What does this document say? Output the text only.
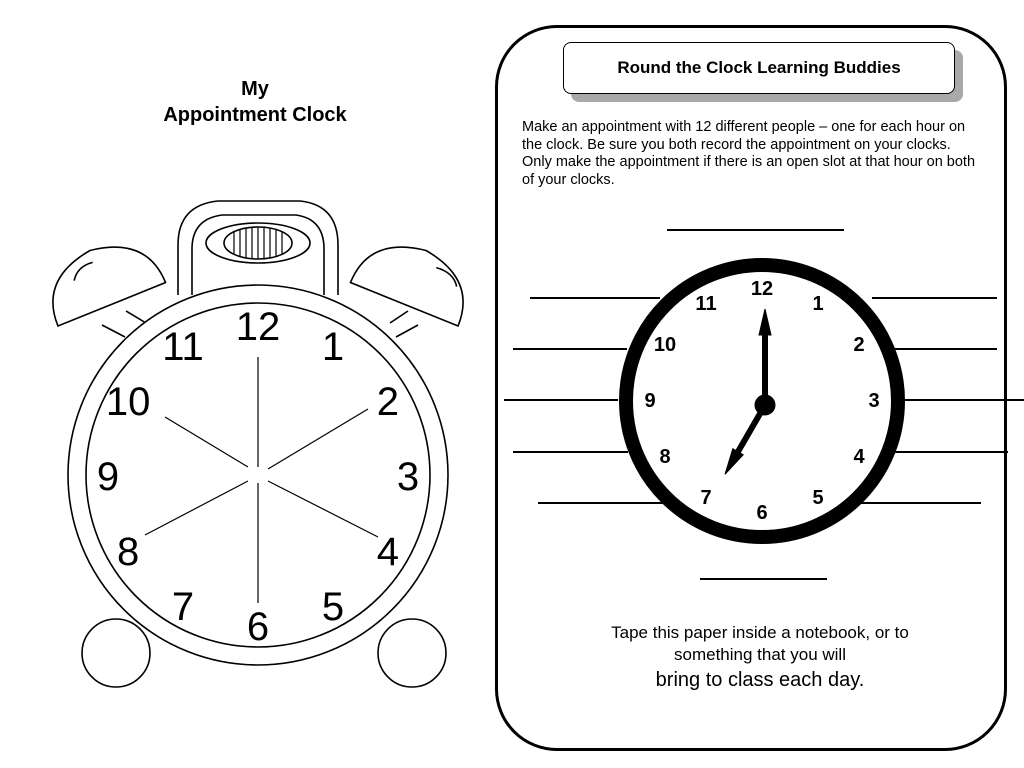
My
Appointment Clock
12 1
2
3
4
5
6
7
8
9
10
11
Round the Clock Learning Buddies

Make an appointment with 12 different people – one for each hour on the clock. Be sure you both record the appointment on your clocks. Only make the appointment if there is an open slot at that hour on both of your clocks.

12
1
2
3
4
5
6
7
8
9
10
11
Tape this paper inside a notebook, or to
something that you will
bring to class each day.
